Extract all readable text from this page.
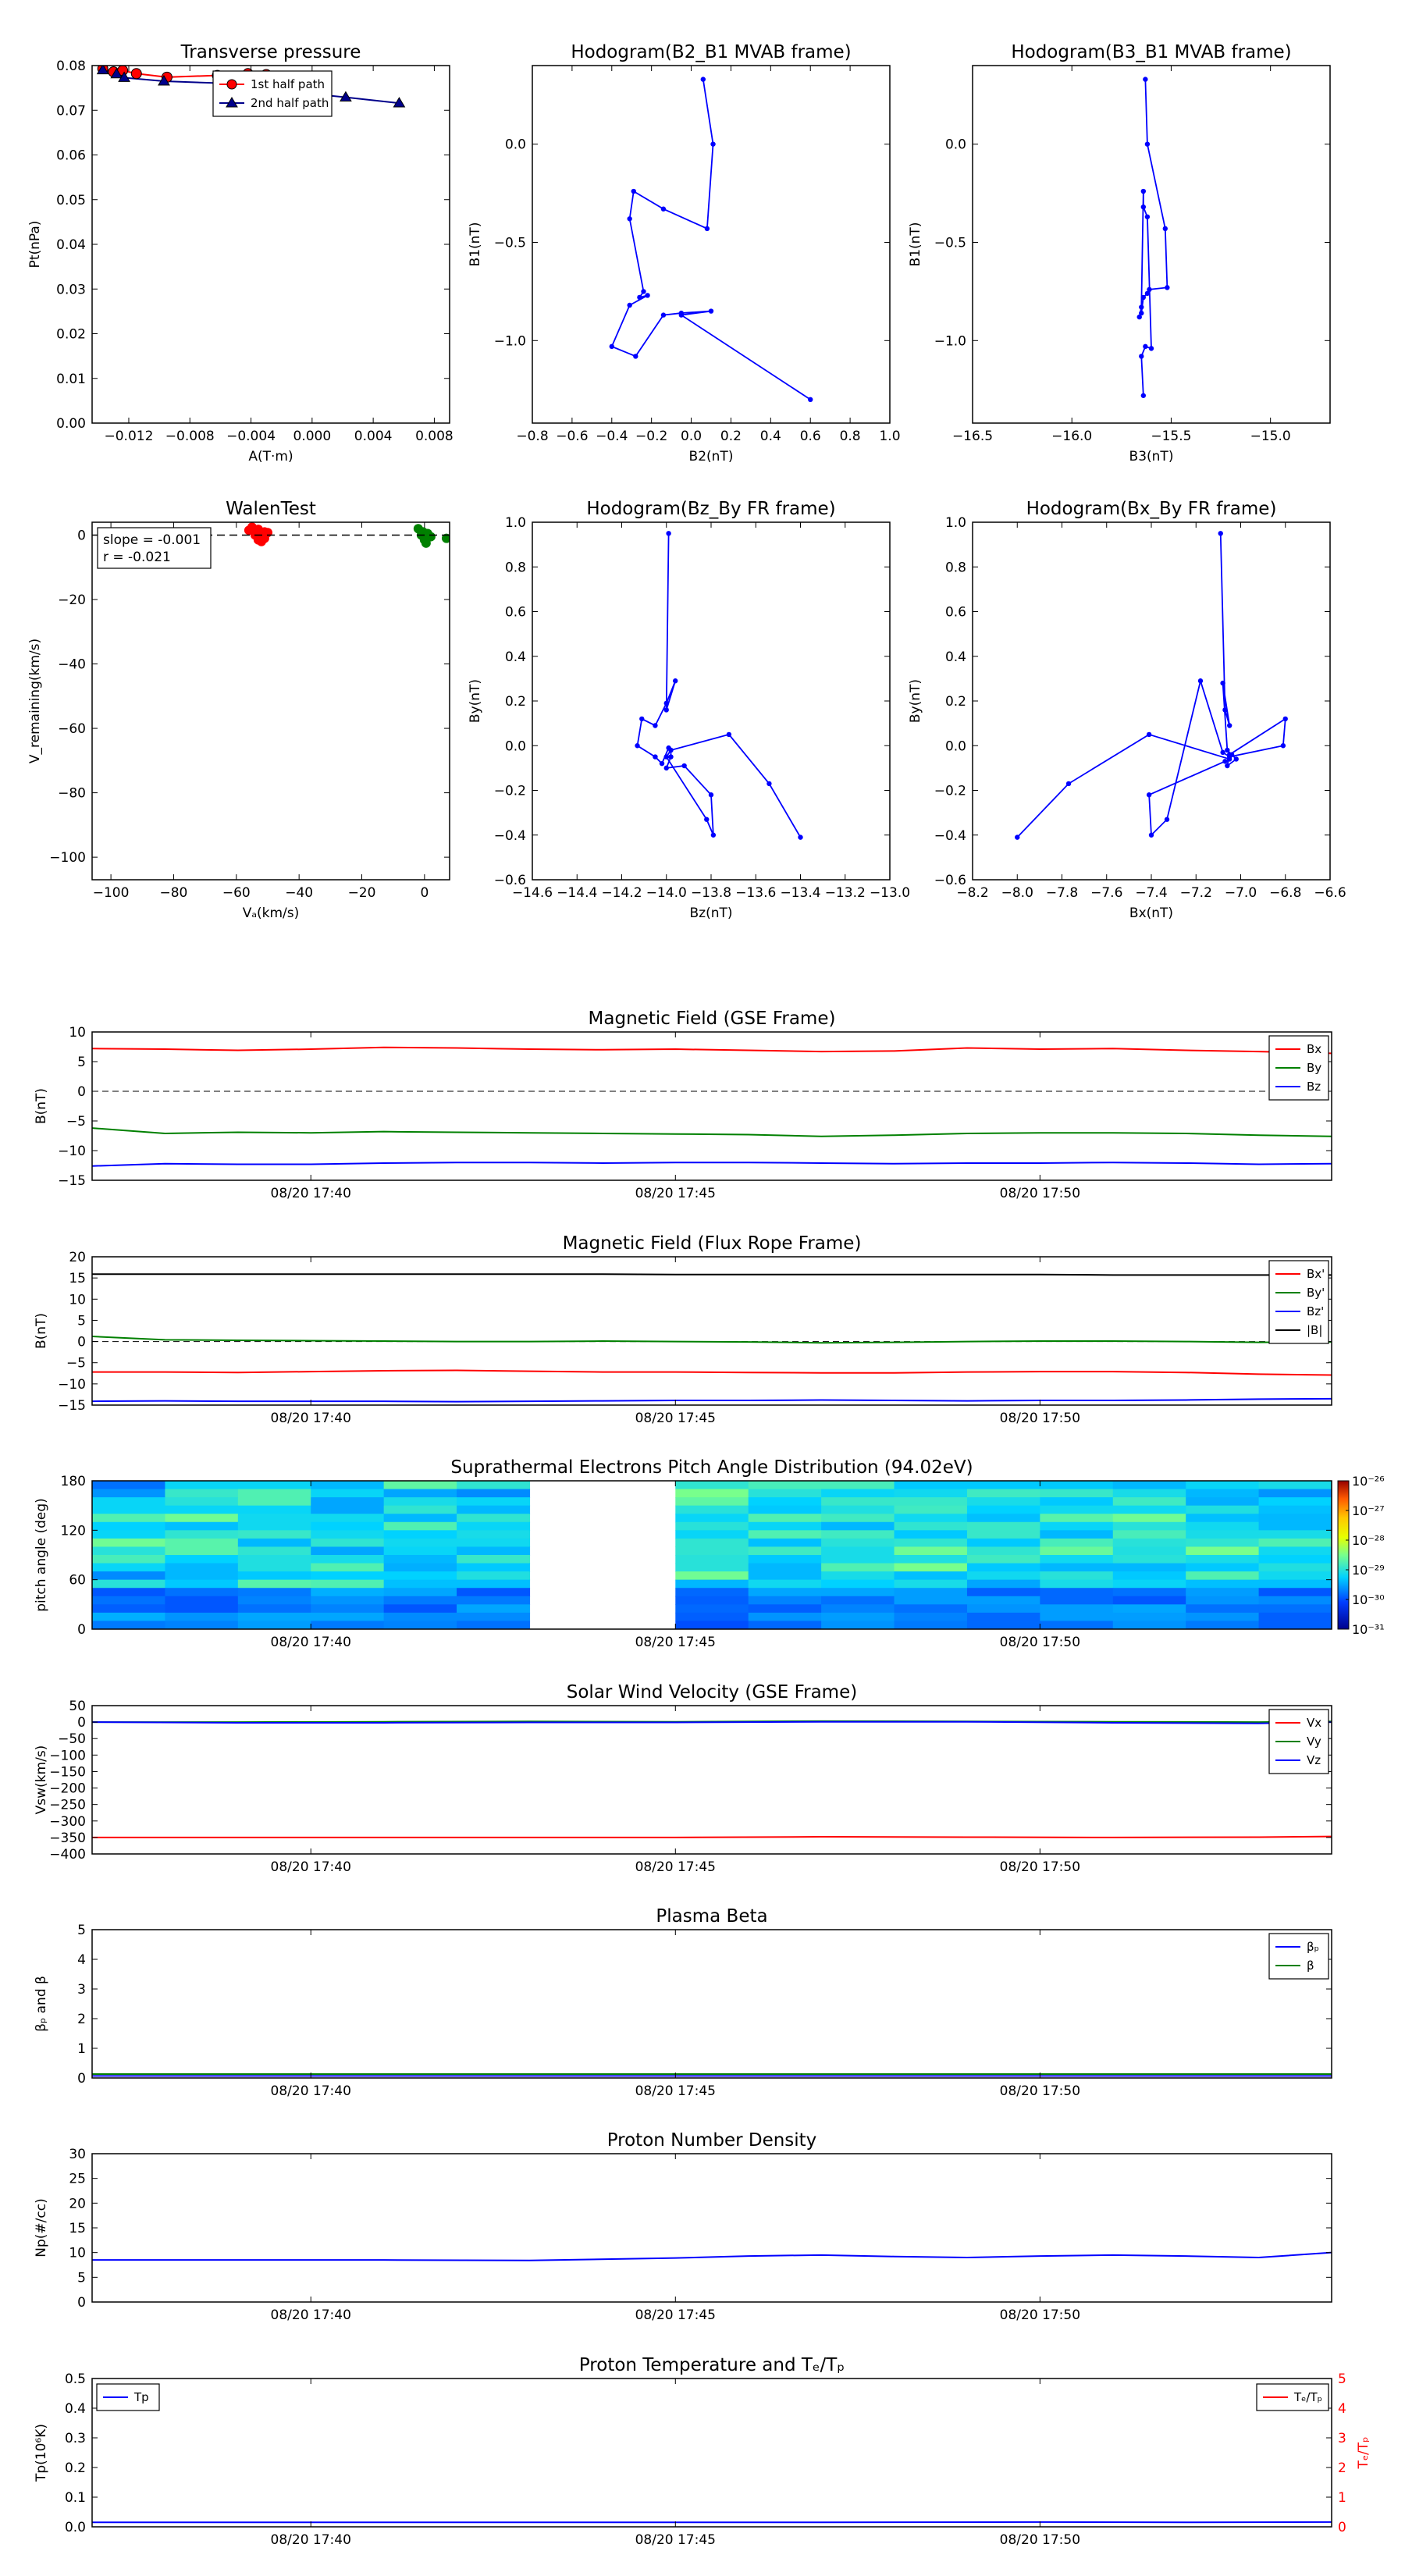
Transverse pressure
0.00
0.01
0.02
0.03
0.04
0.05
0.06
0.07
0.08
−0.012 −0.008 −0.004 0.000 0.004 0.008
A(T·m)
Pt(nPa)
1st half path
2nd half path
Hodogram(B2_B1 MVAB frame)
−1.0
−0.5
0.0
−0.8 −0.6 −0.4 −0.2 0.0 0.2 0.4 0.6 0.8 1.0
B2(nT)
B1(nT)
Hodogram(B3_B1 MVAB frame)
−1.0
−0.5
0.0
−16.5	−16.0	−15.5	−15.0
B3(nT)
B1(nT)
WalenTest
−100
−80
−60
−40
−20
0
−100 −80	−60	−40	−20	0
Vₐ(km/s)
V_remaining(km/s)
slope = -0.001
r = -0.021
Hodogram(Bz_By FR frame)
−0.6
−0.4
−0.2
0.0
0.2
0.4
0.6
0.8
1.0
−14.6 −14.4 −14.2 −14.0 −13.8 −13.6 −13.4 −13.2 −13.0
Bz(nT)
By(nT)
Hodogram(Bx_By FR frame)
−0.6
−0.4
−0.2
0.0
0.2
0.4
0.6
0.8
1.0
−8.2 −8.0 −7.8 −7.6 −7.4 −7.2 −7.0 −6.8 −6.6
Bx(nT)
By(nT)
Magnetic Field (GSE Frame)
−15
−10
−5
0
5
10
08/20 17:40	08/20 17:45	08/20 17:50
B(nT)
Bx
By
Bz
Magnetic Field (Flux Rope Frame)
−15
−10
−5
0
5
10
15
20
08/20 17:40	08/20 17:45	08/20 17:50
B(nT)
Bx'
By'
Bz'
|B|
Suprathermal Electrons Pitch Angle Distribution (94.02eV)
10⁻²⁶
10⁻²⁷
10⁻²⁸
10⁻²⁹
10⁻³⁰
10⁻³¹
0
60
120
180
08/20 17:40	08/20 17:45	08/20 17:50
pitch angle (deg)
Solar Wind Velocity (GSE Frame)
−400
−350
−300
−250
−200
−150
−100
−50
0
50
08/20 17:40	08/20 17:45	08/20 17:50
Vsw(km/s)
Vx
Vy
Vz
Plasma Beta
0
1
2
3
4
5
08/20 17:40	08/20 17:45	08/20 17:50
βₚ and β
βₚ
β
Proton Number Density
0
5
10
15
20
25
30
08/20 17:40	08/20 17:45	08/20 17:50
Np(#/cc)
Proton Temperature and Tₑ/Tₚ
0.0
0.1
0.2
0.3
0.4
0.5
08/20 17:40	08/20 17:45	08/20 17:50
Tp(10⁶K)
0
1
2
3
4
5
Tₑ/Tₚ
Tp	Tₑ/Tₚ
